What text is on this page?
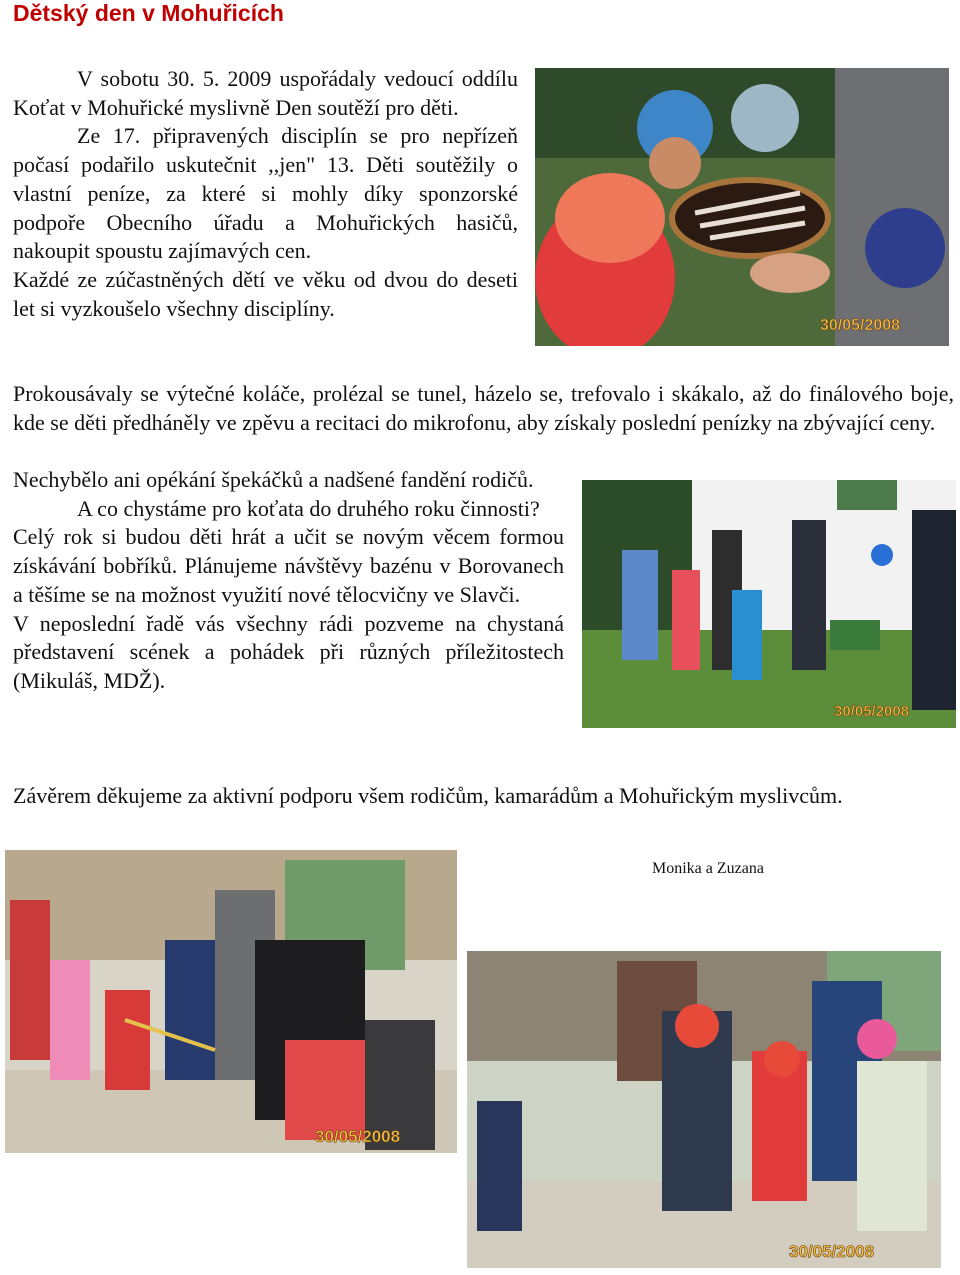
Dětský den v Mohuřicích
V sobotu 30. 5. 2009 uspořádaly vedoucí oddílu Koťat v Mohuřické myslivně Den soutěží pro děti.
Ze 17. připravených disciplín se pro nepřízeň počasí podařilo uskutečnit ,,jen" 13. Děti soutěžily o vlastní peníze, za které si mohly díky sponzorské podpoře Obecního úřadu a Mohuřických hasičů, nakoupit spoustu zajímavých cen.
Každé ze zúčastněných dětí ve věku od dvou do deseti let si vyzkoušelo všechny disciplíny.

Prokousávaly se výtečné koláče, prolézal se tunel, házelo se, trefovalo i skákalo, až do finálového boje, kde se děti předháněly ve zpěvu a recitaci do mikrofonu, aby získaly poslední penízky na zbývající ceny.

Nechybělo ani opékání špekáčků a nadšené fandění rodičů.
A co chystáme pro koťata do druhého roku činnosti?
Celý rok si budou děti hrát a učit se novým věcem formou získávání bobříků. Plánujeme návštěvy bazénu v Borovanech a těšíme se na možnost využití nové tělocvičny ve Slavči.
V neposlední řadě vás všechny rádi pozveme na chystaná představení scének a pohádek při různých příležitostech (Mikuláš, MDŽ).

Závěrem děkujeme za aktivní podporu všem rodičům, kamarádům a Mohuřickým myslivcům.

Monika a Zuzana

30/05/2008
30/05/2008
30/05/2008
30/05/2008
